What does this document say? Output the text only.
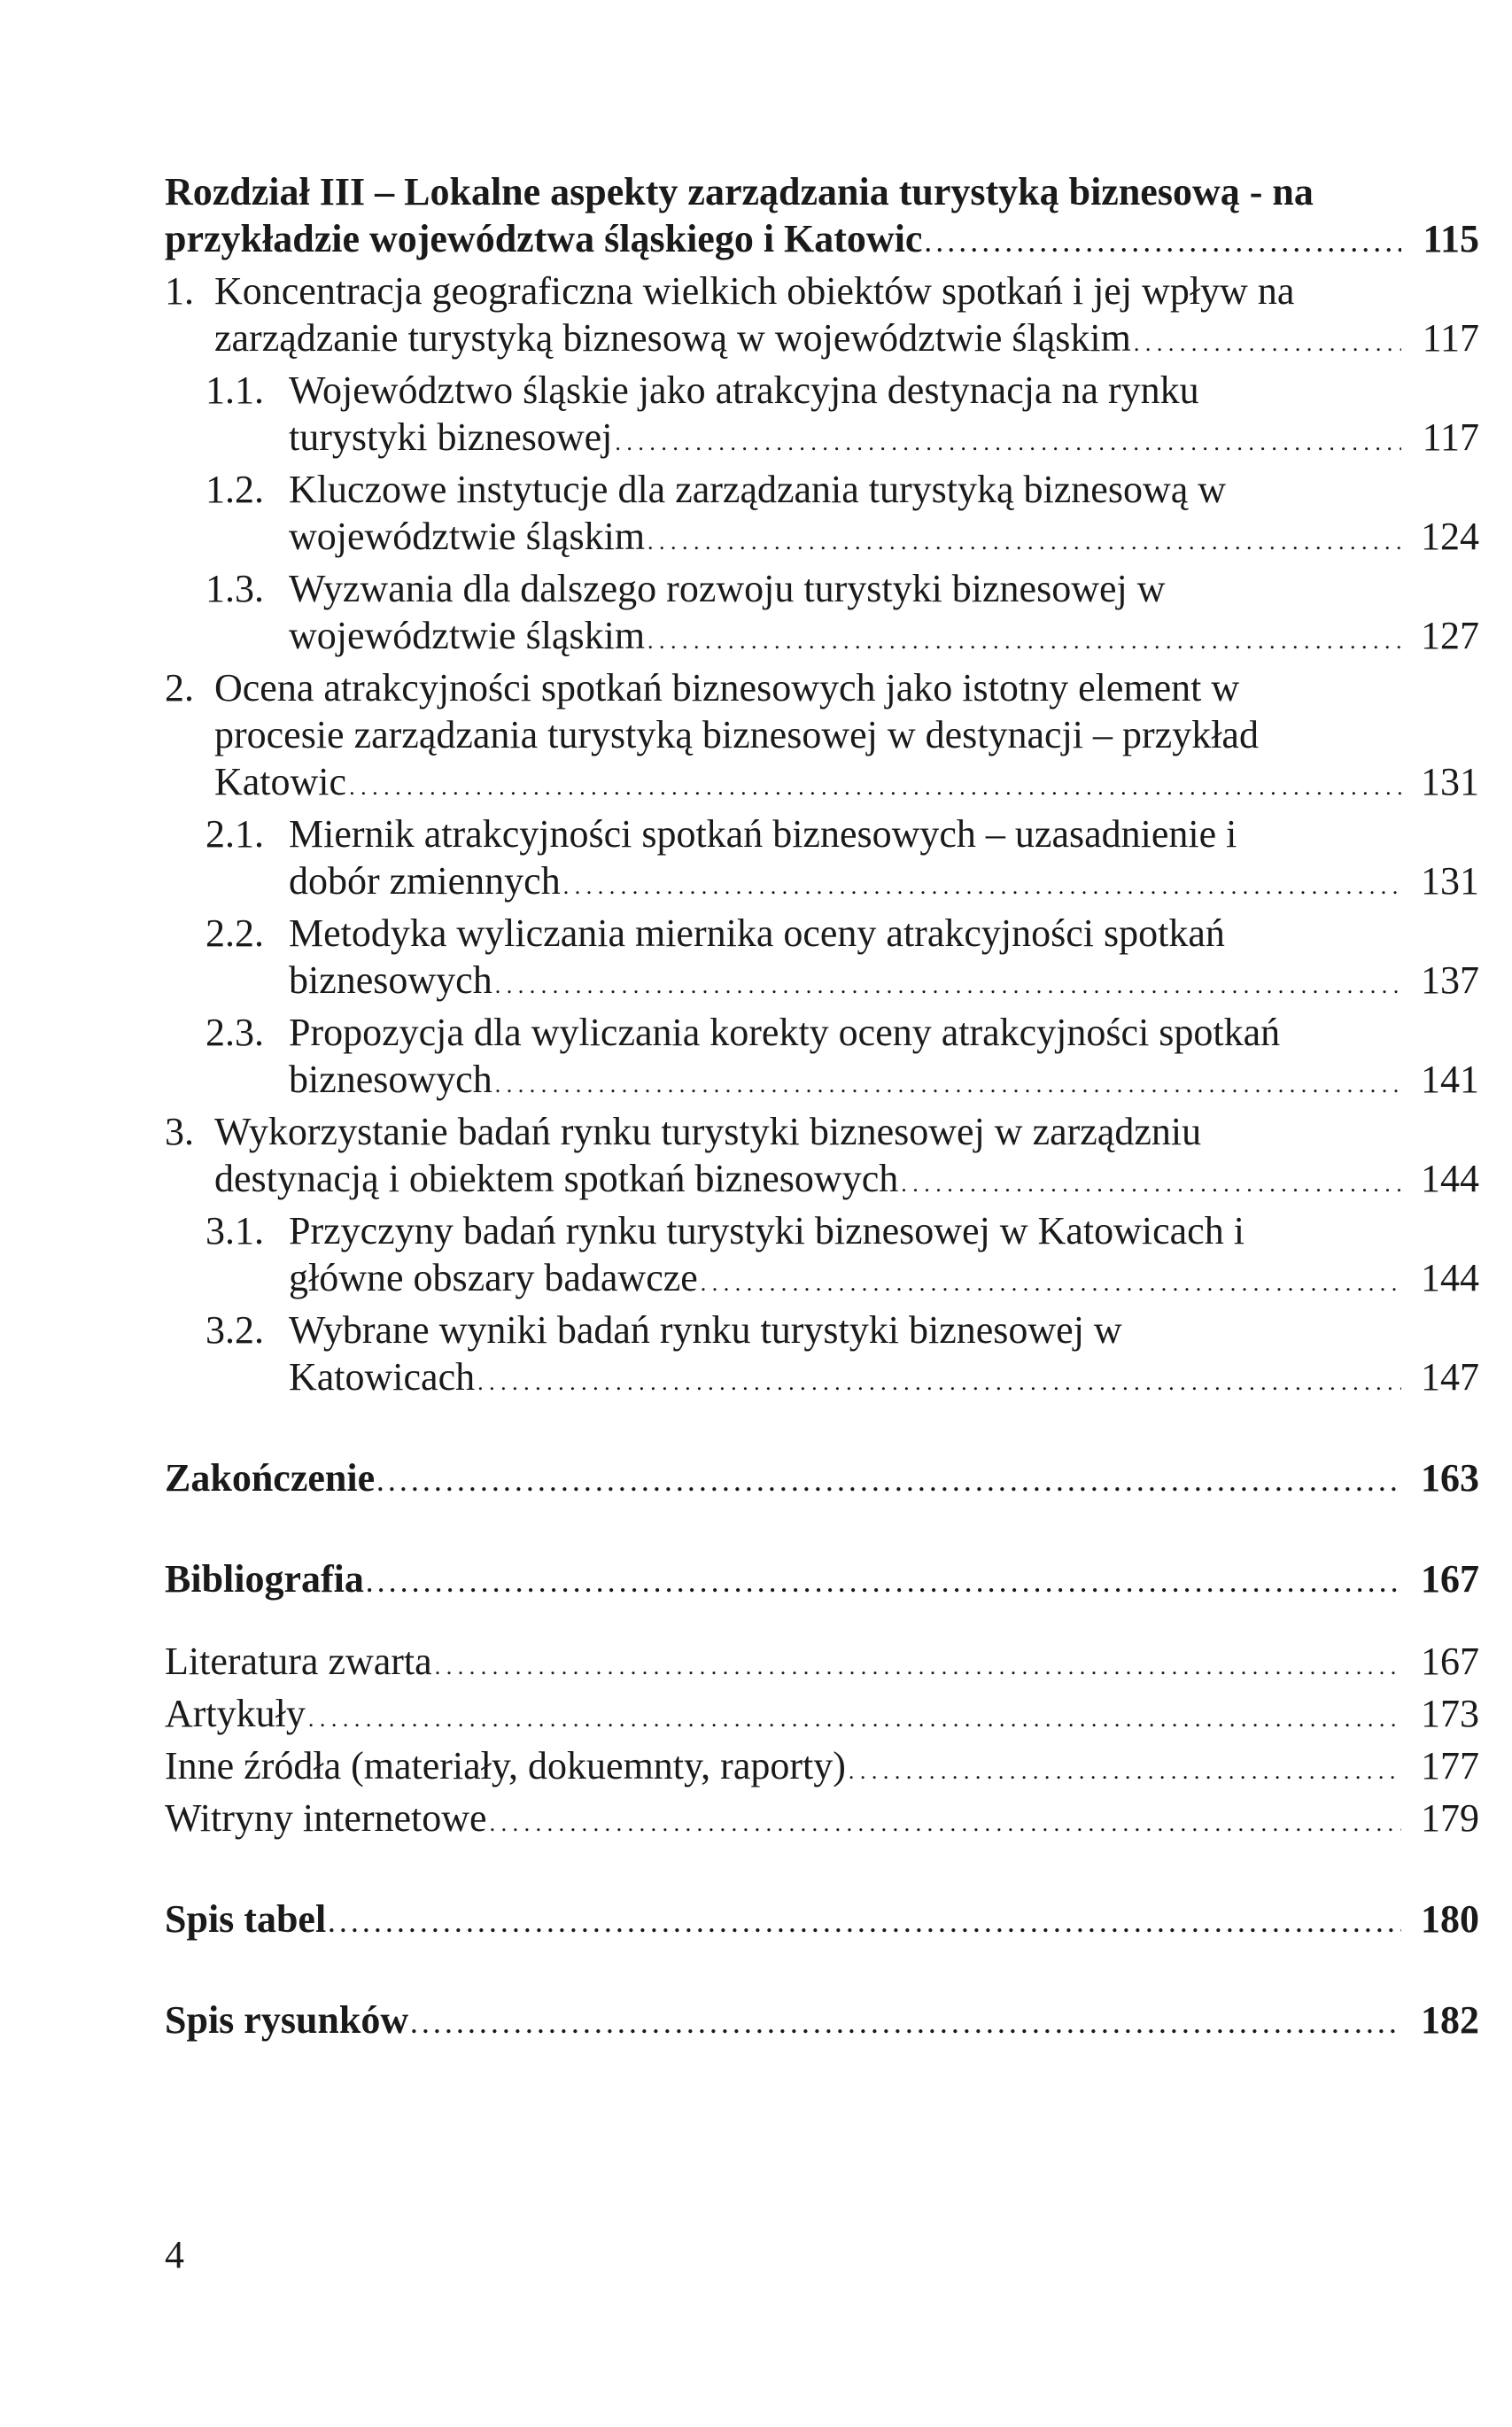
Rozdział III – Lokalne aspekty zarządzania turystyką biznesową - na
przykładzie województwa śląskiego i Katowic . . .	115
1. Koncentracja geograficzna wielkich obiektów spotkań i jej wpływ na
zarządzanie turystyką biznesową w województwie śląskim . . .	117
1.1. Województwo śląskie jako atrakcyjna destynacja na rynku
turystyki biznesowej . . .	117
1.2. Kluczowe instytucje dla zarządzania turystyką biznesową w
województwie śląskim . . .	124
1.3. Wyzwania dla dalszego rozwoju turystyki biznesowej w
województwie śląskim . . .	127
2. Ocena atrakcyjności spotkań biznesowych jako istotny element w
procesie zarządzania turystyką biznesowej w destynacji – przykład
Katowic . . .	131
2.1. Miernik atrakcyjności spotkań biznesowych – uzasadnienie i
dobór zmiennych . . .	131
2.2. Metodyka wyliczania miernika oceny atrakcyjności spotkań
biznesowych . . .	137
2.3. Propozycja dla wyliczania korekty oceny atrakcyjności spotkań
biznesowych . . .	141
3. Wykorzystanie badań rynku turystyki biznesowej w zarządzniu
destynacją i obiektem spotkań biznesowych . . .	144
3.1. Przyczyny badań rynku turystyki biznesowej w Katowicach i
główne obszary badawcze . . .	144
3.2. Wybrane wyniki badań rynku turystyki biznesowej w
Katowicach . . .	147
Zakończenie . . .	163
Bibliografia . . .	167
Literatura zwarta . . .	167
Artykuły . . .	173
Inne źródła (materiały, dokuemnty, raporty) . . .	177
Witryny internetowe . . .	179
Spis tabel . . .	180
Spis rysunków . . .	182
4
